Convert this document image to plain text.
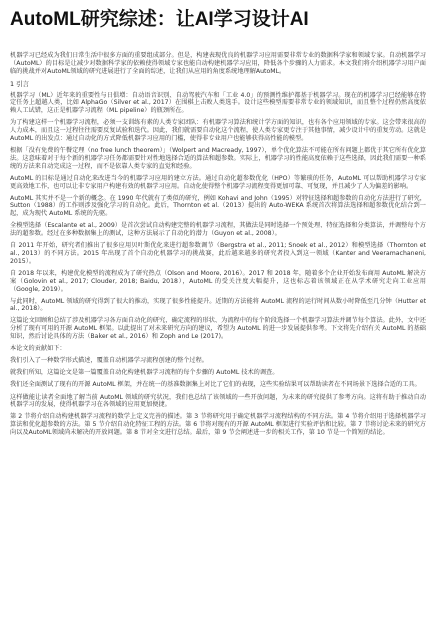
AutoML研究综述：让AI学习设计AI

机器学习已经成为我们日常生活中很多方面的重要组成部分。但是，构建表现优良的机器学习应用需要非常专业的数据科学家和领域专家。自动机器学习（AutoML）的目标是让减少对数据科学家的依赖使得领域专家也能自动构建机器学习应用，降低各个步骤的人力需求。本文我们将介绍机器学习用户面临的挑战并对AutoML领域的研究进展进行了全面的综述，让我们从应用的角度系统地理解AutoML。

1 引言

机器学习（ML）近年来的重要性与日俱增：自动语音识别、自动驾驶汽车和「工业 4.0」的预测性维护都基于机器学习。现在的机器学习已经能够在特定任务上超越人类，比如 AlphaGo（Silver et al., 2017）在围棋上击败人类选手。设计这些模型需要非常专业的领域知识，而且整个过程仍然高度依赖人工试错，这正是机器学习流程（ML pipeline）的瓶颈所在。

为了构建这样一个机器学习流程，必须一支训练有素的人类专家团队：有机器学习算法和统计学方面的知识，也有各个应用领域的专家。这会带来很高的人力成本，而且这一过程往往需要反复试验和迭代。因此，我们就需要自动化这个流程，使人类专家更专注于其他事情，减少设计中的重复劳动。这就是 AutoML 的出发点：通过自动化的方式降低机器学习应用的门槛，使得非专业用户也能够获得高性能的模型。

根据「没有免费的午餐定理（no free lunch theorem）」（Wolpert and Macready, 1997），单个优化算法不可能在所有问题上都优于其它所有优化算法。这意味着对于每个新的机器学习任务都需要针对性地选择合适的算法和超参数。实际上，机器学习的性能高度依赖于这些选择，因此我们需要一种系统的方法来自动完成这一过程，而不是依靠人类专家的直觉和经验。

AutoML 的目标是通过自动化来改进当今的机器学习应用的建立方法。通过自动化超参数优化（HPO）等繁琐的任务，AutoML 可以帮助机器学习专家更高效地工作，也可以让非专家用户构建有效的机器学习应用。自动化使得整个机器学习流程变得更加可靠、可复现，并且减少了人为偏差的影响。

AutoML 其实并不是一个新的概念。在 1990 年代就有了类似的研究，例如 Kohavi and John（1995）对特征选择和超参数的自动化方法进行了研究，Sutton（1988）的工作则涉及强化学习的自动化。此后，Thornton et al.（2013）提出的 Auto-WEKA 系统首次将算法选择和超参数优化结合到一起，成为现代 AutoML 系统的先驱。

全模型选择（Escalante et al., 2009）是首次尝试自动构建完整的机器学习流程，其做法是同时选择一个预处理、特征选择和分类算法，并调整每个方法的超参数。经过在多种数据集上的测试，这种方法展示了自动化的潜力（Guyon et al., 2008）。

自 2011 年开始，研究者们推出了很多应用贝叶斯优化来进行超参数调节（Bergstra et al., 2011; Snoek et al., 2012）和模型选择（Thornton et al., 2013）的不同方法。2015 年出现了首个自动化机器学习的挑战赛，此后越来越多的研究者投入到这一领域（Kanter and Veeramachaneni, 2015）。

自 2018 年以来，构建优化模型的流程成为了研究热点（Olson and Moore, 2016）。2017 和 2018 年，随着多个企业开始发布商用 AutoML 解决方案（Golovin et al., 2017; Clouder, 2018; Baidu, 2018），AutoML 的受关注度大幅提升，这也标志着该领域正在从学术研究走向工业应用（Google, 2019）。

与此同时，AutoML 领域的研究得到了很大的推动，实现了很多性能提升。近期的方法能将 AutoML 流程的运行时间从数小时降低至几分钟（Hutter et al., 2018）。

这篇论文回顾和总结了涉及机器学习各方面自动化的研究，确定流程的形状、为流程中的每个阶段选择一个机器学习算法并调节每个算法。此外，文中还分析了现有可用的开源 AutoML 框架。以此提出了对未来研究方向的建议，希望为 AutoML 的进一步发展提供参考。下文将先介绍有关 AutoML 的基础知识，然后讨论具体的方法（Baker et al., 2016）和 Zoph and Le (2017)。

本论文的贡献如下：

我们引入了一种数学形式描述，覆盖自动机器学习流程创建的整个过程。

就我们所知，这篇论文是第一篇覆盖自动化构建机器学习流程的每个步骤的 AutoML 技术的调查。

我们还全面测试了现有的开源 AutoML 框架，并在统一的基准数据集上对比了它们的表现，这些实验结果可以帮助读者在不同场景下选择合适的工具。

这样做能让读者全面地了解当前 AutoML 领域的研究状况，我们也总结了该领域的一些开放问题，为未来的研究提供了参考方向。这将有助于推动自动机器学习的发展，使得机器学习在各领域的应用更加便捷。

第 2 节将介绍自动构建机器学习流程的数学上定义完善的描述。第 3 节将研究用于确定机器学习流程结构的不同方法。第 4 节将介绍用于选择机器学习算法和优化超参数的方法。第 5 节介绍自动化特征工程的方法。第 6 节将对现有的开源 AutoML 框架进行实验评估和比较。第 7 节将讨论未来的研究方向以及AutoML领域尚未解决的开放问题。第 8 节对全文进行总结。最后，第 9 节会阐述进一步的相关工作，第 10 节是一个简短的结论。
